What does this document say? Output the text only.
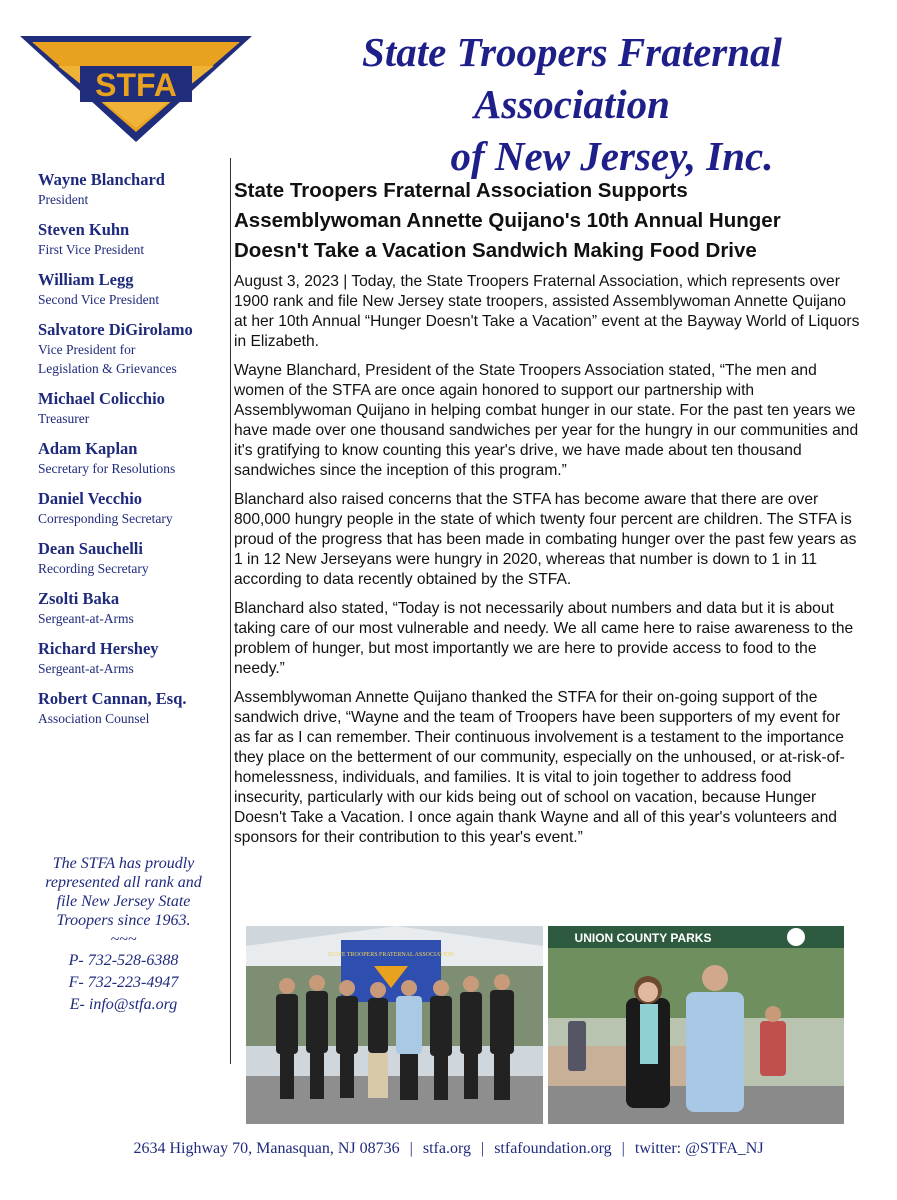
STFA
State Troopers Fraternal Association
of New Jersey, Inc.
Wayne Blanchard
President
Steven Kuhn
First Vice President
William Legg
Second Vice President
Salvatore DiGirolamo
Vice President for Legislation & Grievances
Michael Colicchio
Treasurer
Adam Kaplan
Secretary for Resolutions
Daniel Vecchio
Corresponding Secretary
Dean Sauchelli
Recording Secretary
Zsolti Baka
Sergeant-at-Arms
Richard Hershey
Sergeant-at-Arms
Robert Cannan, Esq.
Association Counsel
The STFA has proudly represented all rank and file New Jersey State Troopers since 1963.
~~~
P- 732-528-6388
F- 732-223-4947
E- info@stfa.org
State Troopers Fraternal Association Supports Assemblywoman Annette Quijano's 10th Annual Hunger Doesn't Take a Vacation Sandwich Making Food Drive

August 3, 2023 | Today, the State Troopers Fraternal Association, which represents over 1900 rank and file New Jersey state troopers, assisted Assemblywoman Annette Quijano at her 10th Annual “Hunger Doesn't Take a Vacation” event at the Bayway World of Liquors in Elizabeth.

Wayne Blanchard, President of the State Troopers Association stated, “The men and women of the STFA are once again honored to support our partnership with Assemblywoman Quijano in helping combat hunger in our state. For the past ten years we have made over one thousand sandwiches per year for the hungry in our communities and it's gratifying to know counting this year's drive, we have made about ten thousand sandwiches since the inception of this program.”

Blanchard also raised concerns that the STFA has become aware that there are over 800,000 hungry people in the state of which twenty four percent are children. The STFA is proud of the progress that has been made in combating hunger over the past few years as 1 in 12 New Jerseyans were hungry in 2020, whereas that number is down to 1 in 11 according to data recently obtained by the STFA.

Blanchard also stated, “Today is not necessarily about numbers and data but it is about taking care of our most vulnerable and needy. We all came here to raise awareness to the problem of hunger, but most importantly we are here to provide access to food to the needy.”

Assemblywoman Annette Quijano thanked the STFA for their on-going support of the sandwich drive, “Wayne and the team of Troopers have been supporters of my event for as far as I can remember. Their continuous involvement is a testament to the importance they place on the betterment of our community, especially on the unhoused, or at-risk-of-homelessness, individuals, and families. It is vital to join together to address food insecurity, particularly with our kids being out of school on vacation, because Hunger Doesn't Take a Vacation. I once again thank Wayne and all of this year's volunteers and sponsors for their contribution to this year's event.”

STATE TROOPERS FRATERNAL ASSOCIATION
UNION COUNTY PARKS
2634 Highway 70, Manasquan, NJ 08736 | stfa.org | stfafoundation.org | twitter: @STFA_NJ
